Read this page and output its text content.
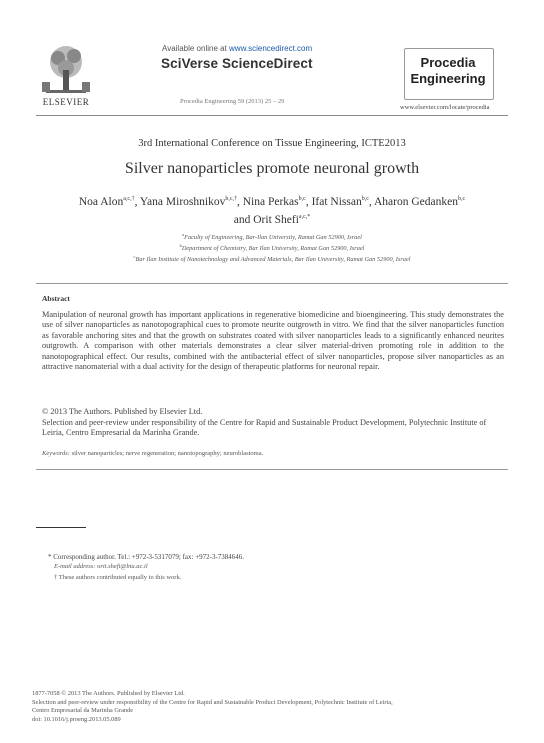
ELSEVIER
Available online at www.sciencedirect.com
SciVerse ScienceDirect
Procedia Engineering 59 (2013) 25 – 29
Procedia
Engineering
www.elsevier.com/locate/procedia
3rd International Conference on Tissue Engineering, ICTE2013
Silver nanoparticles promote neuronal growth
Noa Alon$^{a,c,\dagger}$, Yana Miroshnikov$^{b,c,\dagger}$, Nina Perkas$^{b,c}$, Ifat Nissan$^{b,c}$, Aharon Gedanken$^{b,c}$
and Orit Shefi$^{a,c,*}$
$^a$Faculty of Engineering, Bar-Ilan University, Ramat Gan 52900, Israel
$^b$Department of Chemistry, Bar Ilan University, Ramat Gan 52900, Israel
$^c$Bar Ilan Institute of Nanotechnology and Advanced Materials, Bar Ilan University, Ramat Gan 52900, Israel
Abstract
Manipulation of neuronal growth has important applications in regenerative biomedicine and bioengineering. This study demonstrates the use of silver nanoparticles as nanotopographical cues to promote neurite outgrowth in vitro. We find that the silver nanoparticles function as favorable anchoring sites and that the growth on substrates coated with silver nanoparticles leads to a significantly enhanced neurites outgrowth. A comparison with other materials demonstrates a clear silver material-driven promoting role in addition to the nanotopographical effect. Our results, combined with the antibacterial effect of silver nanoparticles, propose silver nanoparticles as an attractive nanomaterial with a dual activity for the design of therapeutic platforms for neuronal repair.
© 2013 The Authors. Published by Elsevier Ltd.
Selection and peer-review under responsibility of the Centre for Rapid and Sustainable Product Development, Polytechnic Institute of Leiria, Centro Empresarial da Marinha Grande.
Keywords: silver nanoparticles; nerve regeneration; nanotopography; neuroblastoma.
* Corresponding author. Tel.: +972-3-5317079; fax: +972-3-7384646.
E-mail address: orit.shefi@biu.ac.il
† These authors contributed equally to this work.
1877-7058 © 2013 The Authors. Published by Elsevier Ltd.
Selection and peer-review under responsibility of the Centre for Rapid and Sustainable Product Development, Polytechnic Institute of Leiria,
Centro Empresarial da Marinha Grande
doi: 10.1016/j.proeng.2013.05.089
